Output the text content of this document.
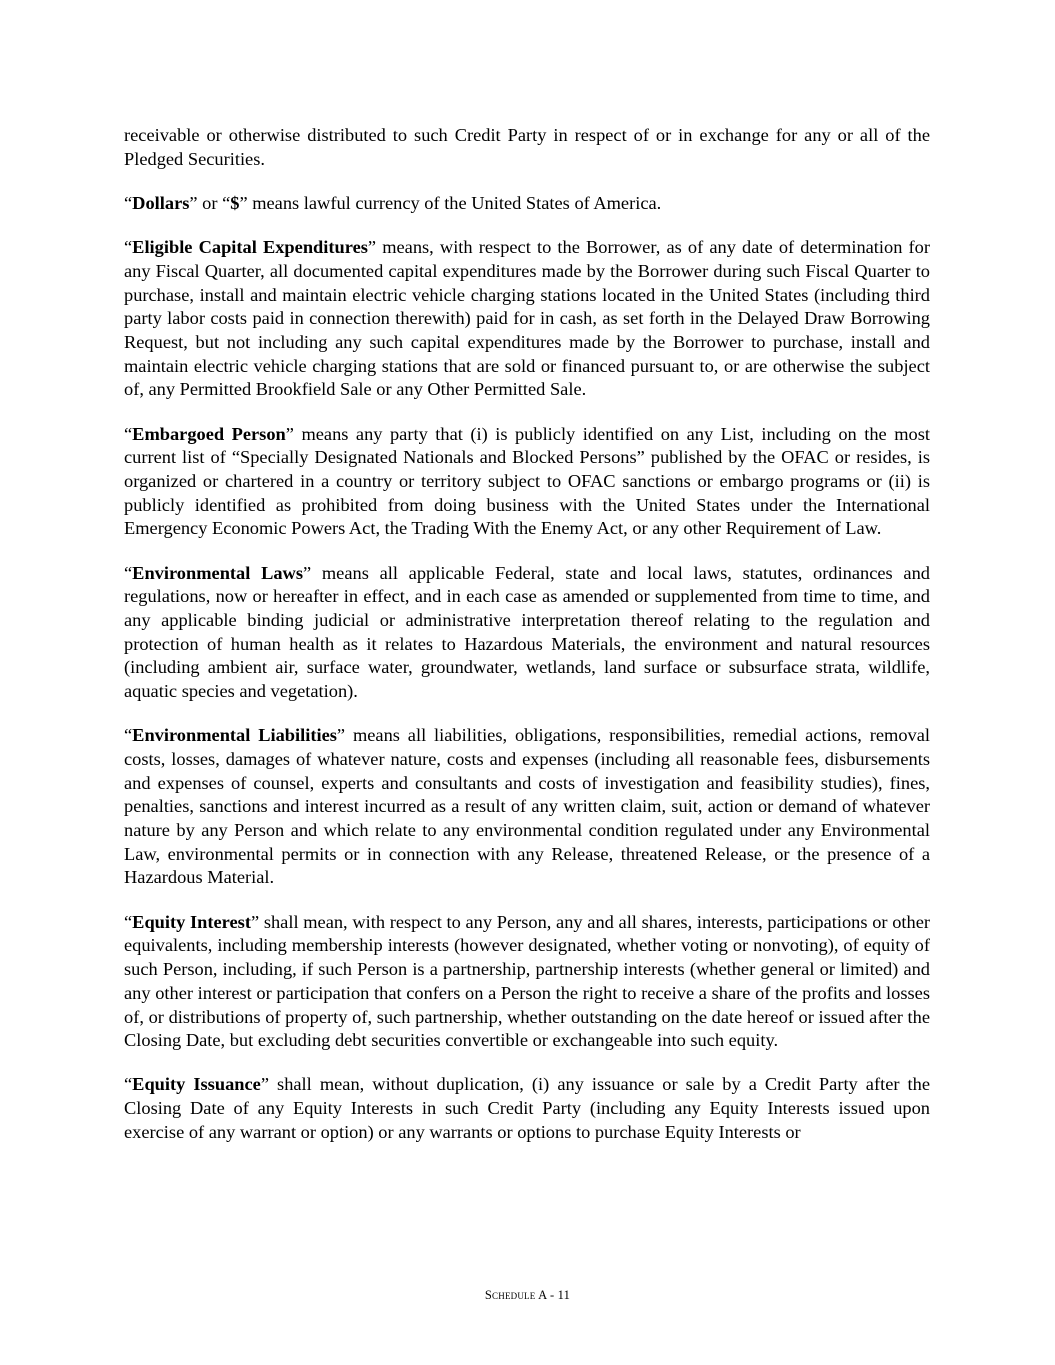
receivable or otherwise distributed to such Credit Party in respect of or in exchange for any or all of the Pledged Securities.

“Dollars” or “$” means lawful currency of the United States of America.

“Eligible Capital Expenditures” means, with respect to the Borrower, as of any date of determination for any Fiscal Quarter, all documented capital expenditures made by the Borrower during such Fiscal Quarter to purchase, install and maintain electric vehicle charging stations located in the United States (including third party labor costs paid in connection therewith) paid for in cash, as set forth in the Delayed Draw Borrowing Request, but not including any such capital expenditures made by the Borrower to purchase, install and maintain electric vehicle charging stations that are sold or financed pursuant to, or are otherwise the subject of, any Permitted Brookfield Sale or any Other Permitted Sale.

“Embargoed Person” means any party that (i) is publicly identified on any List, including on the most current list of “Specially Designated Nationals and Blocked Persons” published by the OFAC or resides, is organized or chartered in a country or territory subject to OFAC sanctions or embargo programs or (ii) is publicly identified as prohibited from doing business with the United States under the International Emergency Economic Powers Act, the Trading With the Enemy Act, or any other Requirement of Law.

“Environmental Laws” means all applicable Federal, state and local laws, statutes, ordinances and regulations, now or hereafter in effect, and in each case as amended or supplemented from time to time, and any applicable binding judicial or administrative interpretation thereof relating to the regulation and protection of human health as it relates to Hazardous Materials, the environment and natural resources (including ambient air, surface water, groundwater, wetlands, land surface or subsurface strata, wildlife, aquatic species and vegetation).

“Environmental Liabilities” means all liabilities, obligations, responsibilities, remedial actions, removal costs, losses, damages of whatever nature, costs and expenses (including all reasonable fees, disbursements and expenses of counsel, experts and consultants and costs of investigation and feasibility studies), fines, penalties, sanctions and interest incurred as a result of any written claim, suit, action or demand of whatever nature by any Person and which relate to any environmental condition regulated under any Environmental Law, environmental permits or in connection with any Release, threatened Release, or the presence of a Hazardous Material.

“Equity Interest” shall mean, with respect to any Person, any and all shares, interests, participations or other equivalents, including membership interests (however designated, whether voting or nonvoting), of equity of such Person, including, if such Person is a partnership, partnership interests (whether general or limited) and any other interest or participation that confers on a Person the right to receive a share of the profits and losses of, or distributions of property of, such partnership, whether outstanding on the date hereof or issued after the Closing Date, but excluding debt securities convertible or exchangeable into such equity.

“Equity Issuance” shall mean, without duplication, (i) any issuance or sale by a Credit Party after the Closing Date of any Equity Interests in such Credit Party (including any Equity Interests issued upon exercise of any warrant or option) or any warrants or options to purchase Equity Interests or

Schedule A - 11
